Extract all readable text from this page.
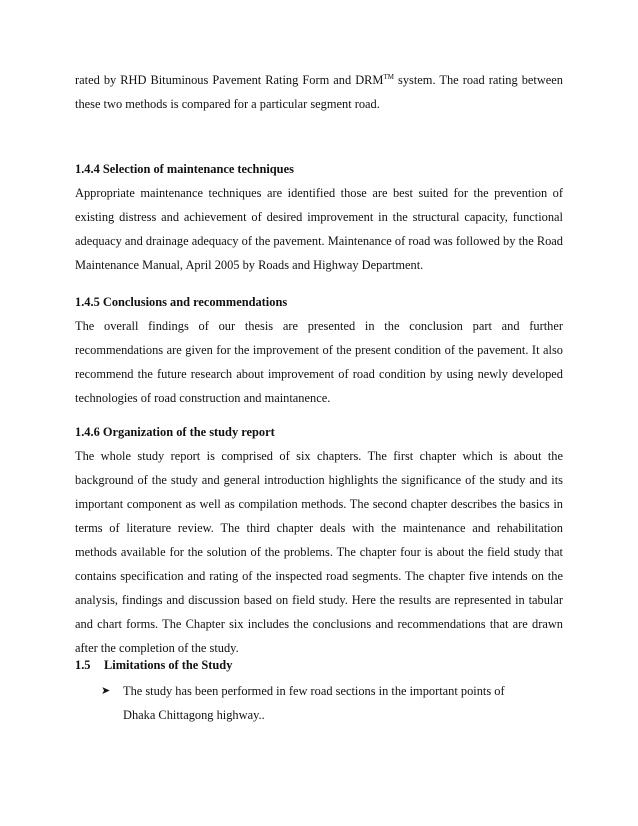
rated by RHD Bituminous Pavement Rating Form and DRM™ system. The road rating between these two methods is compared for a particular segment road.
1.4.4 Selection of maintenance techniques
Appropriate maintenance techniques are identified those are best suited for the prevention of existing distress and achievement of desired improvement in the structural capacity, functional adequacy and drainage adequacy of the pavement. Maintenance of road was followed by the Road Maintenance Manual, April 2005 by Roads and Highway Department.
1.4.5 Conclusions and recommendations
The overall findings of our thesis are presented in the conclusion part and further recommendations are given for the improvement of the present condition of the pavement. It also recommend the future research about improvement of road condition by using newly developed technologies of road construction and maintanence.
1.4.6 Organization of the study report
The whole study report is comprised of six chapters. The first chapter which is about the background of the study and general introduction highlights the significance of the study and its important component as well as compilation methods. The second chapter describes the basics in terms of literature review. The third chapter deals with the maintenance and rehabilitation methods available for the solution of the problems. The chapter four is about the field study that contains specification and rating of the inspected road segments. The chapter five intends on the analysis, findings and discussion based on field study. Here the results are represented in tabular and chart forms. The Chapter six includes the conclusions and recommendations that are drawn after the completion of the study.
1.5 Limitations of the Study
➤ The study has been performed in few road sections in the important points of Dhaka Chittagong highway..
